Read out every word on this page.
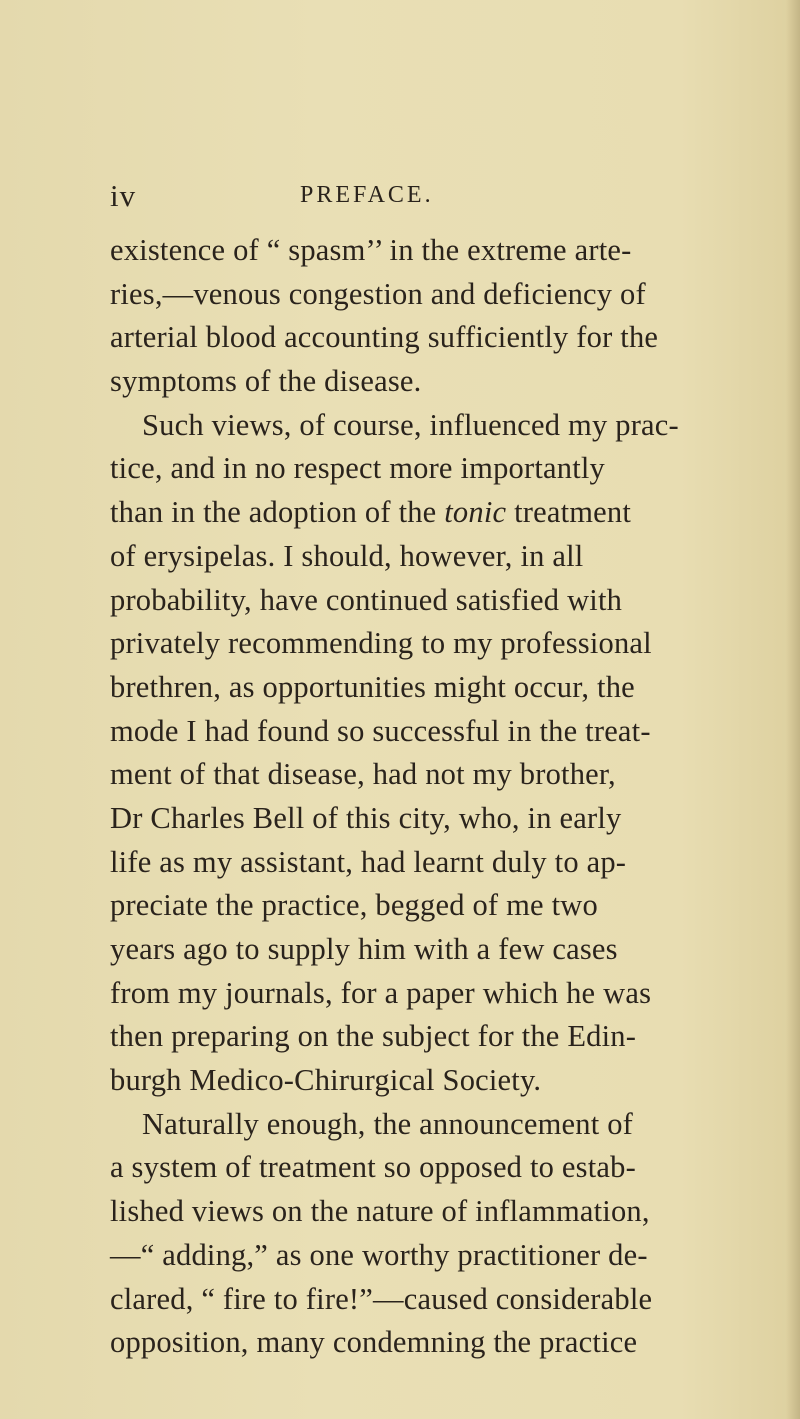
iv	PREFACE.
existence of “ spasm’’ in the extreme arte-
ries,—venous congestion and deficiency of
arterial blood accounting sufficiently for the
symptoms of the disease.
Such views, of course, influenced my prac-
tice, and in no respect more importantly
than in the adoption of the tonic treatment
of erysipelas. I should, however, in all
probability, have continued satisfied with
privately recommending to my professional
brethren, as opportunities might occur, the
mode I had found so successful in the treat-
ment of that disease, had not my brother,
Dr Charles Bell of this city, who, in early
life as my assistant, had learnt duly to ap-
preciate the practice, begged of me two
years ago to supply him with a few cases
from my journals, for a paper which he was
then preparing on the subject for the Edin-
burgh Medico-Chirurgical Society.
Naturally enough, the announcement of
a system of treatment so opposed to estab-
lished views on the nature of inflammation,
—“ adding,” as one worthy practitioner de-
clared, “ fire to fire!”—caused considerable
opposition, many condemning the practice
